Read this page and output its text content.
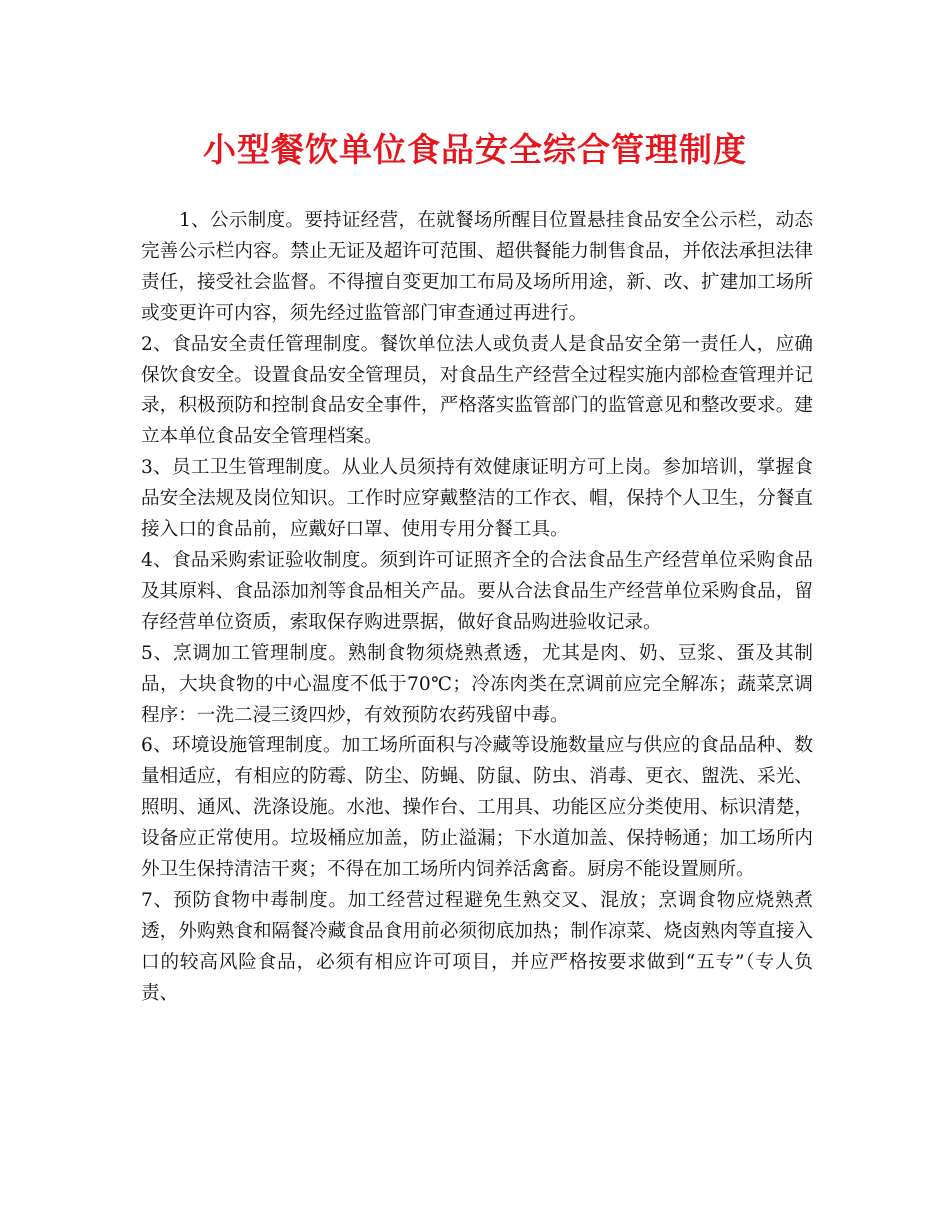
小型餐饮单位食品安全综合管理制度

1、公示制度。要持证经营，在就餐场所醒目位置悬挂食品安全公示栏，动态完善公示栏内容。禁止无证及超许可范围、超供餐能力制售食品，并依法承担法律责任，接受社会监督。不得擅自变更加工布局及场所用途，新、改、扩建加工场所或变更许可内容，须先经过监管部门审查通过再进行。

2、食品安全责任管理制度。餐饮单位法人或负责人是食品安全第一责任人，应确保饮食安全。设置食品安全管理员，对食品生产经营全过程实施内部检查管理并记录，积极预防和控制食品安全事件，严格落实监管部门的监管意见和整改要求。建立本单位食品安全管理档案。

3、员工卫生管理制度。从业人员须持有效健康证明方可上岗。参加培训，掌握食品安全法规及岗位知识。工作时应穿戴整洁的工作衣、帽，保持个人卫生，分餐直接入口的食品前，应戴好口罩、使用专用分餐工具。

4、食品采购索证验收制度。须到许可证照齐全的合法食品生产经营单位采购食品及其原料、食品添加剂等食品相关产品。要从合法食品生产经营单位采购食品，留存经营单位资质，索取保存购进票据，做好食品购进验收记录。

5、烹调加工管理制度。熟制食物须烧熟煮透，尤其是肉、奶、豆浆、蛋及其制品，大块食物的中心温度不低于70℃；冷冻肉类在烹调前应完全解冻；蔬菜烹调程序：一洗二浸三烫四炒，有效预防农药残留中毒。

6、环境设施管理制度。加工场所面积与冷藏等设施数量应与供应的食品品种、数量相适应，有相应的防霉、防尘、防蝇、防鼠、防虫、消毒、更衣、盥洗、采光、照明、通风、洗涤设施。水池、操作台、工用具、功能区应分类使用、标识清楚，设备应正常使用。垃圾桶应加盖，防止溢漏；下水道加盖、保持畅通；加工场所内外卫生保持清洁干爽；不得在加工场所内饲养活禽畜。厨房不能设置厕所。

7、预防食物中毒制度。加工经营过程避免生熟交叉、混放；烹调食物应烧熟煮透，外购熟食和隔餐冷藏食品食用前必须彻底加热；制作凉菜、烧卤熟肉等直接入口的较高风险食品，必须有相应许可项目，并应严格按要求做到“五专”（专人负责、
